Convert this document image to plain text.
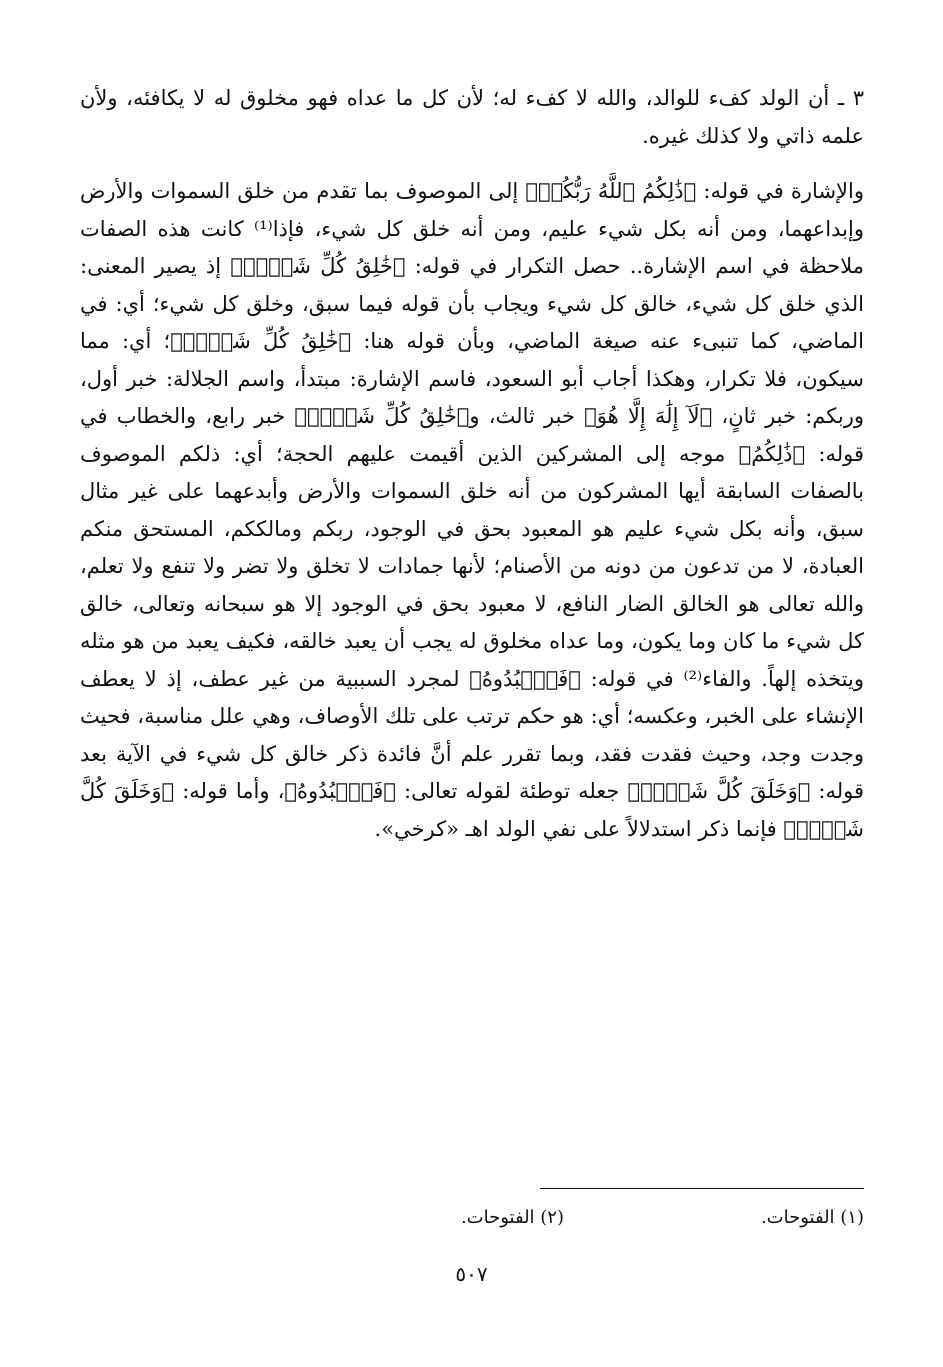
٣ ـ أن الولد كفء للوالد، والله لا كفء له؛ لأن كل ما عداه فهو مخلوق له لا يكافئه، ولأن علمه ذاتي ولا كذلك غيره.

والإشارة في قوله: ﴿ذَٰلِكُمُ ٱللَّهُ رَبُّكُمۡ﴾ إلى الموصوف بما تقدم من خلق السموات والأرض وإبداعهما، ومن أنه بكل شيء عليم، ومن أنه خلق كل شيء، فإذا⁽¹⁾ كانت هذه الصفات ملاحظة في اسم الإشارة.. حصل التكرار في قوله: ﴿خَٰلِقُ كُلِّ شَيۡءٖ﴾ إذ يصير المعنى: الذي خلق كل شيء، خالق كل شيء ويجاب بأن قوله فيما سبق، وخلق كل شيء؛ أي: في الماضي، كما تنبىء عنه صيغة الماضي، وبأن قوله هنا: ﴿خَٰلِقُ كُلِّ شَيۡءٖ﴾؛ أي: مما سيكون، فلا تكرار، وهكذا أجاب أبو السعود، فاسم الإشارة: مبتدأ، واسم الجلالة: خبر أول، وربكم: خبر ثانٍ، ﴿لَآ إِلَٰهَ إِلَّا هُوَ﴾ خبر ثالث، و﴿خَٰلِقُ كُلِّ شَيۡءٖ﴾ خبر رابع، والخطاب في قوله: ﴿ذَٰلِكُمُ﴾ موجه إلى المشركين الذين أقيمت عليهم الحجة؛ أي: ذلكم الموصوف بالصفات السابقة أيها المشركون من أنه خلق السموات والأرض وأبدعهما على غير مثال سبق، وأنه بكل شيء عليم هو المعبود بحق في الوجود، ربكم ومالككم، المستحق منكم العبادة، لا من تدعون من دونه من الأصنام؛ لأنها جمادات لا تخلق ولا تضر ولا تنفع ولا تعلم، والله تعالى هو الخالق الضار النافع، لا معبود بحق في الوجود إلا هو سبحانه وتعالى، خالق كل شيء ما كان وما يكون، وما عداه مخلوق له يجب أن يعبد خالقه، فكيف يعبد من هو مثله ويتخذه إلهاً. والفاء⁽²⁾ في قوله: ﴿فَٱعۡبُدُوهُ﴾ لمجرد السببية من غير عطف، إذ لا يعطف الإنشاء على الخبر، وعكسه؛ أي: هو حكم ترتب على تلك الأوصاف، وهي علل مناسبة، فحيث وجدت وجد، وحيث فقدت فقد، وبما تقرر علم أنَّ فائدة ذكر خالق كل شيء في الآية بعد قوله: ﴿وَخَلَقَ كُلَّ شَيۡءٖ﴾ جعله توطئة لقوله تعالى: ﴿فَٱعۡبُدُوهُ﴾، وأما قوله: ﴿وَخَلَقَ كُلَّ شَيۡءٖ﴾ فإنما ذكر استدلالاً على نفي الولد اهـ «كرخي».

(١) الفتوحات.
(٢) الفتوحات.
٥٠٧
